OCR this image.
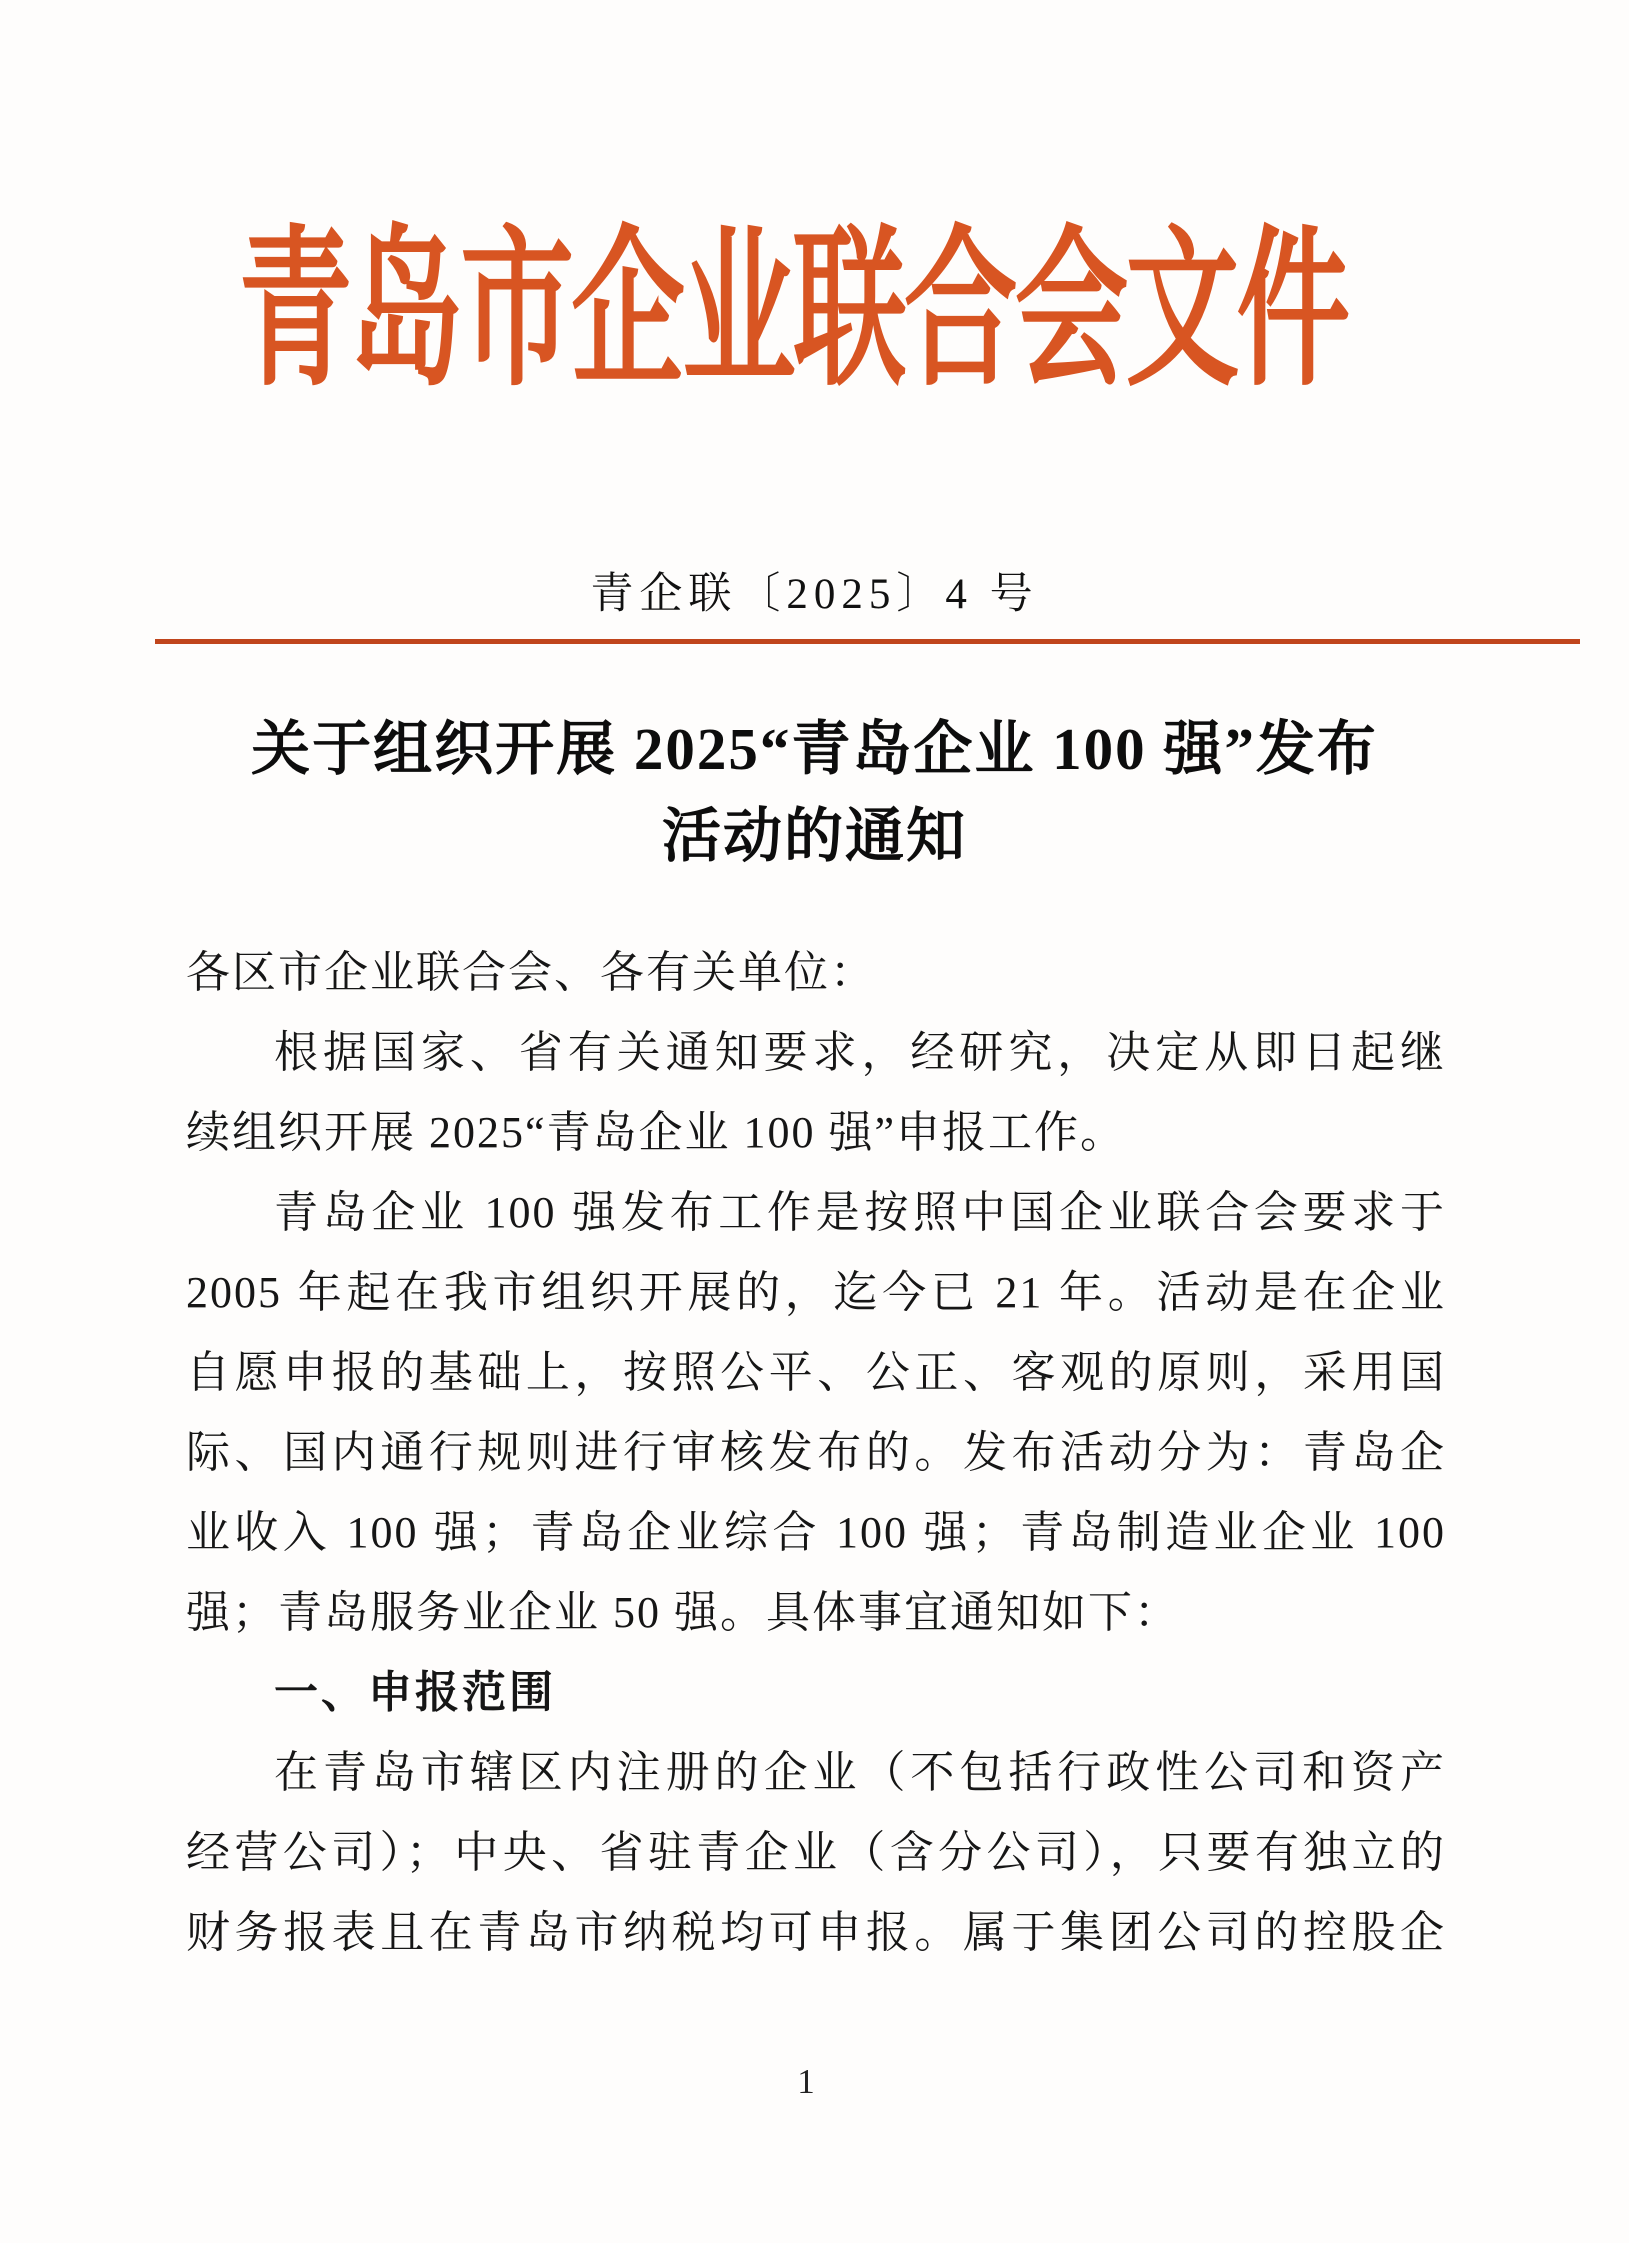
青岛市企业联合会文件
青企联〔2025〕4 号
关于组织开展 2025“青岛企业 100 强”发布
活动的通知
各区市企业联合会、各有关单位：
根据国家、省有关通知要求，经研究，决定从即日起继
续组织开展 2025“青岛企业 100 强”申报工作。
青岛企业 100 强发布工作是按照中国企业联合会要求于
2005 年起在我市组织开展的，迄今已 21 年。活动是在企业
自愿申报的基础上，按照公平、公正、客观的原则，采用国
际、国内通行规则进行审核发布的。发布活动分为：青岛企
业收入 100 强；青岛企业综合 100 强；青岛制造业企业 100
强；青岛服务业企业 50 强。具体事宜通知如下：
一、申报范围
在青岛市辖区内注册的企业（不包括行政性公司和资产
经营公司）；中央、省驻青企业（含分公司），只要有独立的
财务报表且在青岛市纳税均可申报。属于集团公司的控股企
1
